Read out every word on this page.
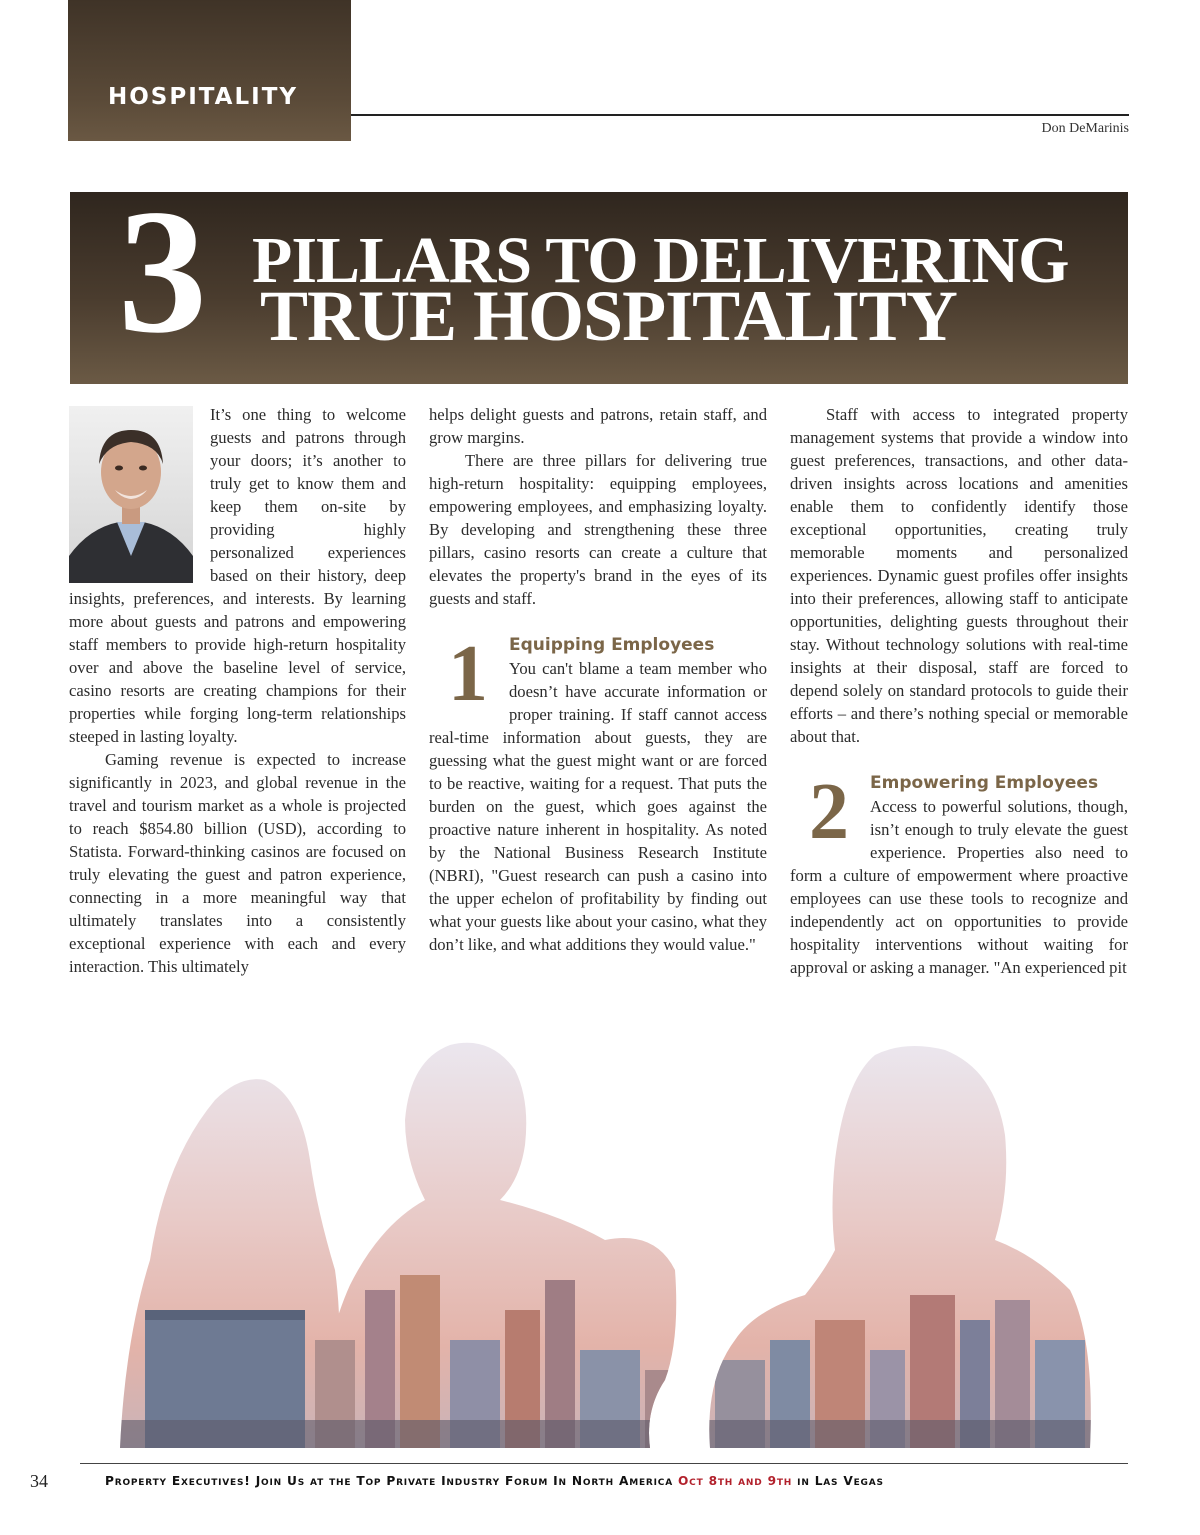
HOSPITALITY
Don DeMarinis
3 PILLARS TO DELIVERING
TRUE HOSPITALITY

It’s one thing to welcome guests and patrons through your doors; it’s another to truly get to know them and keep them on-site by providing highly personalized experiences based on their history, deep insights, preferences, and interests. By learning more about guests and patrons and empowering staff members to provide high-return hospitality over and above the baseline level of service, casino resorts are creating champions for their properties while forging long-term relationships steeped in lasting loyalty.

Gaming revenue is expected to increase significantly in 2023, and global revenue in the travel and tourism market as a whole is projected to reach $854.80 billion (USD), according to Statista. Forward-thinking casinos are focused on truly elevating the guest and patron experience, connecting in a more meaningful way that ultimately translates into a consistently exceptional experience with each and every interaction. This ultimately

helps delight guests and patrons, retain staff, and grow margins.

There are three pillars for delivering true high-return hospitality: equipping employees, empowering employees, and emphasizing loyalty. By developing and strengthening these three pillars, casino resorts can create a culture that elevates the property's brand in the eyes of its guests and staff.

1	Equipping Employees

You can't blame a team member who doesn’t have accurate information or proper training. If staff cannot access real-time information about guests, they are guessing what the guest might want or are forced to be reactive, waiting for a request. That puts the burden on the guest, which goes against the proactive nature inherent in hospitality. As noted by the National Business Research Institute (NBRI), "Guest research can push a casino into the upper echelon of profitability by finding out what your guests like about your casino, what they don’t like, and what additions they would value."

Staff with access to integrated property management systems that provide a window into guest preferences, transactions, and other data-driven insights across locations and amenities enable them to confidently identify those exceptional opportunities, creating truly memorable moments and personalized experiences. Dynamic guest profiles offer insights into their preferences, allowing staff to anticipate opportunities, delighting guests throughout their stay. Without technology solutions with real-time insights at their disposal, staff are forced to depend solely on standard protocols to guide their efforts – and there’s nothing special or memorable about that.

2	Empowering Employees

Access to powerful solutions, though, isn’t enough to truly elevate the guest experience. Properties also need to form a culture of empowerment where proactive employees can use these tools to recognize and independently act on opportunities to provide hospitality interventions without waiting for approval or asking a manager. "An experienced pit

34	Property Executives! Join Us at the Top Private Industry Forum In North America Oct 8th and 9th in Las Vegas
